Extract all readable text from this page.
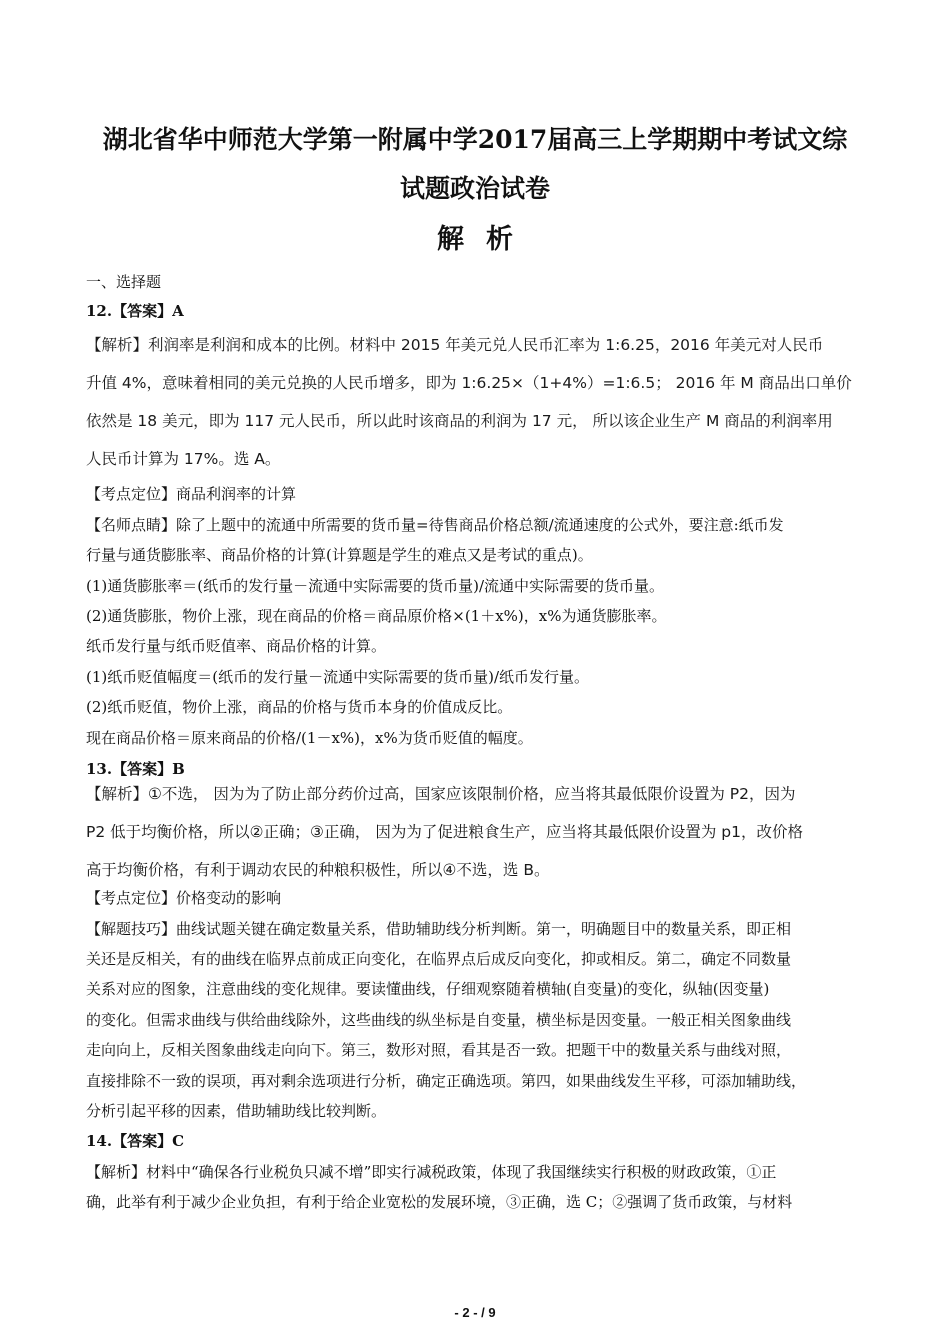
湖北省华中师范大学第一附属中学2017届高三上学期期中考试文综
试题政治试卷
解析
一、选择题
12.【答案】A
【解析】利润率是利润和成本的比例。材料中 2015 年美元兑人民币汇率为 1:6.25，2016 年美元对人民币
升值 4%，意味着相同的美元兑换的人民币增多，即为 1:6.25×（1+4%）=1:6.5； 2016 年 M 商品出口单价
依然是 18 美元，即为 117 元人民币，所以此时该商品的利润为 17 元， 所以该企业生产 M 商品的利润率用
人民币计算为 17%。选 A。
【考点定位】商品利润率的计算
【名师点睛】除了上题中的流通中所需要的货币量=待售商品价格总额/流通速度的公式外，要注意:纸币发
行量与通货膨胀率、商品价格的计算(计算题是学生的难点又是考试的重点)。
(1)通货膨胀率＝(纸币的发行量－流通中实际需要的货币量)/流通中实际需要的货币量。
(2)通货膨胀，物价上涨，现在商品的价格＝商品原价格×(1＋x%)，x%为通货膨胀率。
纸币发行量与纸币贬值率、商品价格的计算。
(1)纸币贬值幅度＝(纸币的发行量－流通中实际需要的货币量)/纸币发行量。
(2)纸币贬值，物价上涨，商品的价格与货币本身的价值成反比。
现在商品价格＝原来商品的价格/(1－x%)，x%为货币贬值的幅度。
13.【答案】B
【解析】①不选， 因为为了防止部分药价过高，国家应该限制价格，应当将其最低限价设置为 P2，因为
P2 低于均衡价格，所以②正确；③正确， 因为为了促进粮食生产，应当将其最低限价设置为 p1，改价格
高于均衡价格，有利于调动农民的种粮积极性，所以④不选，选 B。
【考点定位】价格变动的影响
【解题技巧】曲线试题关键在确定数量关系，借助辅助线分析判断。第一，明确题目中的数量关系，即正相
关还是反相关，有的曲线在临界点前成正向变化，在临界点后成反向变化，抑或相反。第二，确定不同数量
关系对应的图象，注意曲线的变化规律。要读懂曲线，仔细观察随着横轴(自变量)的变化，纵轴(因变量)
的变化。但需求曲线与供给曲线除外，这些曲线的纵坐标是自变量，横坐标是因变量。一般正相关图象曲线
走向向上，反相关图象曲线走向向下。第三，数形对照，看其是否一致。把题干中的数量关系与曲线对照，
直接排除不一致的误项，再对剩余选项进行分析，确定正确选项。第四，如果曲线发生平移，可添加辅助线，
分析引起平移的因素，借助辅助线比较判断。
14.【答案】C
【解析】材料中“确保各行业税负只减不增”即实行减税政策，体现了我国继续实行积极的财政政策，①正
确，此举有利于减少企业负担，有利于给企业宽松的发展环境，③正确，选 C；②强调了货币政策，与材料
- 2 - / 9
